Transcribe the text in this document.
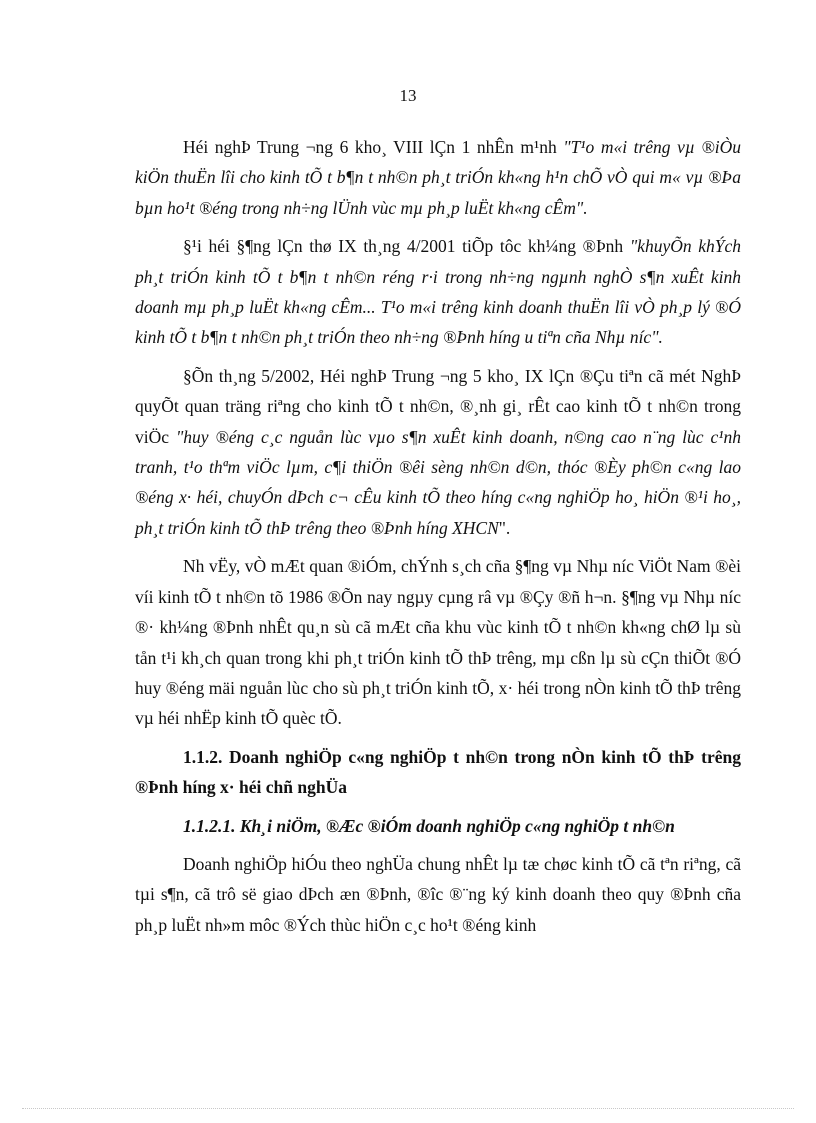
13

Héi nghÞ Trung ¬ng 6 kho¸ VIII lÇn 1 nhÊn m¹nh "T¹o m«i trêng vµ ®iÒu kiÖn thuËn lîi cho kinh tÕ t b¶n t nh©n ph¸t triÓn kh«ng h¹n chÕ vÒ qui m« vµ ®Þa bµn ho¹t ®éng trong nh÷ng lÜnh vùc mµ ph¸p luËt kh«ng cÊm".

§¹i héi §¶ng lÇn thø IX th¸ng 4/2001 tiÕp tôc kh¼ng ®Þnh "khuyÕn khÝch ph¸t triÓn kinh tÕ t b¶n t nh©n réng r·i trong nh÷ng ngµnh nghÒ s¶n xuÊt kinh doanh mµ ph¸p luËt kh«ng cÊm... T¹o m«i trêng kinh doanh thuËn lîi vÒ ph¸p lý ®Ó kinh tÕ t b¶n t nh©n ph¸t triÓn theo nh÷ng ®Þnh híng u tiªn cña Nhµ níc".

§Õn th¸ng 5/2002, Héi nghÞ Trung ¬ng 5 kho¸ IX lÇn ®Çu tiªn cã mét NghÞ quyÕt quan träng riªng cho kinh tÕ t nh©n, ®¸nh gi¸ rÊt cao kinh tÕ t nh©n trong viÖc "huy ®éng c¸c nguån lùc vµo s¶n xuÊt kinh doanh, n©ng cao n¨ng lùc c¹nh tranh, t¹o thªm viÖc lµm, c¶i thiÖn ®êi sèng nh©n d©n, thóc ®Èy ph©n c«ng lao ®éng x· héi, chuyÓn dÞch c¬ cÊu kinh tÕ theo híng c«ng nghiÖp ho¸ hiÖn ®¹i ho¸, ph¸t triÓn kinh tÕ thÞ trêng theo ®Þnh híng XHCN".

Nh vËy, vÒ mÆt quan ®iÓm, chÝnh s¸ch cña §¶ng vµ Nhµ níc ViÖt Nam ®èi víi kinh tÕ t nh©n tõ 1986 ®Õn nay ngµy cµng râ vµ ®Çy ®ñ h¬n. §¶ng vµ Nhµ níc ®· kh¼ng ®Þnh nhÊt qu¸n sù cã mÆt cña khu vùc kinh tÕ t nh©n kh«ng chØ lµ sù tån t¹i kh¸ch quan trong khi ph¸t triÓn kinh tÕ thÞ trêng, mµ cßn lµ sù cÇn thiÕt ®Ó huy ®éng mäi nguån lùc cho sù ph¸t triÓn kinh tÕ, x· héi trong nÒn kinh tÕ thÞ trêng vµ héi nhËp kinh tÕ quèc tÕ.

1.1.2. Doanh nghiÖp c«ng nghiÖp t nh©n trong nÒn kinh tÕ thÞ trêng ®Þnh híng x· héi chñ nghÜa

1.1.2.1. Kh¸i niÖm, ®Æc ®iÓm doanh nghiÖp c«ng nghiÖp t nh©n

Doanh nghiÖp hiÓu theo nghÜa chung nhÊt lµ tæ chøc kinh tÕ cã tªn riªng, cã tµi s¶n, cã trô së giao dÞch æn ®Þnh, ®îc ®¨ng ký kinh doanh theo quy ®Þnh cña ph¸p luËt nh»m môc ®Ých thùc hiÖn c¸c ho¹t ®éng kinh
